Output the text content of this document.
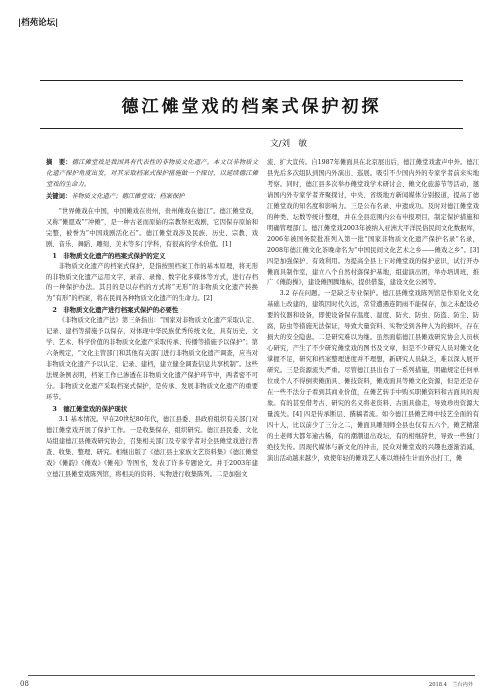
|档苑论坛|
德江傩堂戏的档案式保护初探
文/刘　敏

摘　要：德江傩堂戏是我国具有代表性的非物质文化遗产。本文以非物质文化遗产保护角度出发，对其采取档案式保护措施做一个探讨，以延续德江傩堂戏的生命力。

关键词：非物质文化遗产；德江傩堂戏；档案保护

“世界傩戏在中国，中国傩戏在贵州，贵州傩戏在德江”。德江傩堂戏，又称“傩愿戏”“冲傩”，是一种古老而原始的宗教祭祀戏剧，它因保存原始和完整，被誉为“中国戏剧活化石”。德江傩堂戏涉及民族、历史、宗教、戏剧、音乐、舞蹈、雕刻、美术等多门学科，有很高的学术价值。[1]

1　非物质文化遗产的档案式保护的定义

非物质文化遗产的档案式保护，是指按照档案工作的基本原理，将无形的非物质文化遗产运用文字、录音、录像、数字化多媒体等方式，进行存档的一种保护办法。其目的是以存档的方式将“无形”的非物质文化遗产转换为“有形”的档案，将在民间各种物质文化遗产的生命力。[2]

2　非物质文化遗产进行档案式保护的必要性

《非物质文化遗产法》第三条指出：“国家对非物质文化遗产采取认定、记录、建档等措施予以保存，对体现中华民族优秀传统文化，具有历史、文学、艺术、科学价值的非物质文化遗产采取传承、传播等措施予以保护”；第六条规定，“文化主管部门和其他有关部门进行非物质文化遗产调查，应当对非物质文化遗产予以认定、记录、建档，建立健全调查信息共享机制”。这些法规条例表明，档案工作已渗透在非物质文化遗产保护环节中，两者密不可分。非物质文化遗产采取档案式保护，是传承、发展非物质文化遗产的重要环节。

3　德江傩堂戏的保护现状

3.1 基本情况。早在20世纪80年代，德江县委、县政府组织有关部门对德江傩堂戏开展了保护工作。一是收集保存，组织研究。德江县民委、文化局组建德江县傩戏研究协会，召集相关部门及专家学者对全县傩堂戏进行普查、收集、整理、研究。相继出版了《德江县土家族文艺资料集》《德江傩堂戏》《傩韵》《傩戏》《傩苑》等图书，发表了许多专题论文。并于2003年建立德江县傩堂戏陈列馆，将相关的资料、实物进行收集陈列。二是加强文

流、扩大宣传。自1987年傩面具在北京展出后，德江傩堂戏蜚声中外。德江县先后多次组队到国内外演出、巡展。吸引不少国内外的专家学者前来实地考察。同时，德江县多次举办傩堂戏学术研讨会、傩文化旅游节等活动，邀请国内外专家学者齐聚探讨，中央、省级地方新闻媒体分别报道，提高了德江傩堂戏的知名度和影响力。三是公布名录、申遗成功。及时对德江傩堂戏的种类、坛数等统计整理，并在全县范围内公布申报项目，制定保护措施和明确管理部门。德江傩堂戏2003年被纳入亚洲大平洋民俗民间文化数据库，2006年被国务院批准列入第一批“国家非物质文化遗产保护名录”名录，2008年德江傩文化茶晚命名为“中国民间文化艺术之乡——傩戏之乡”。[3] 四是加强保护、有效利用。为提高全县上下对傩堂戏的保护意识，试行开办傩面具制作室，建立八个自然村落保护基地，组建演出团，举办培训班，推广《傩韵操》，建设傩图腾地标，提供借鉴，建设文化公园等。

3.2 存在问题。一是缺乏专业保护。德江县傩堂戏陈列馆是作原化文化基础上改建的，建筑因时代久远，常常遭遇连阴雨不能保存，加之未配设必要的仪器和设备，即使设备保存温度、湿度、防火、防虫、防盗、防尘、防腐，防虫等措施无法保证，导致大量资料、实物受到各种人为的损坏，存在损大的安全隐患。二是研究难以为继。虽然面临德江县傩戏研究协会人员核心研究，产生了不少研究傩堂戏的图书及文章，但是不少研究人员对傩文化掌握不足，研究和档案整理进度并不理想，新研究人员缺乏，难以深入展开研究。三是资源流失严重。尽管德江县出台了一系列措施，明确规定任何单位或个人不得倒卖傩面具、傩技资料，傩戏面具等傩文化资源，但是还是存在一些不法分子看到其商业价值，在傩艺转手中购买职傩资料和古面具的现象。有的甚至借考古、研究的名义将老资料、古面具偷走，导致珍贵资源大量流失。[4] 四是传承断层、撰稿者流。如今德江县傩艺师中技艺全面的有四十人，比以前少了三分之二，傩面具雕刻师全县也仅有五六个，傩艺精湛的土老师大都年逾古稀，有的潮潮退出戏坛，有的相继辞世，导致一些独门绝技失传。因现代媒体与新文化的冲击，民众对傩堂戏的兴趣也逐渐消减，演出活动越来越少，致使年轻的傩戏艺人难以维持生计而外出打工，傩

08	2018.4　兰台内外
